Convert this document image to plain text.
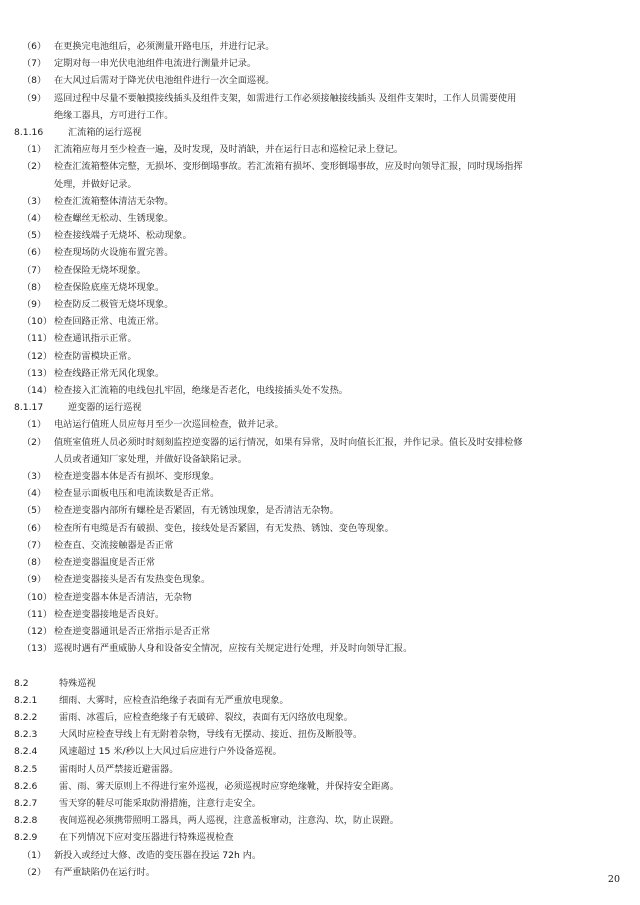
（6） 在更换完电池组后，必须测量开路电压，并进行记录。
（7） 定期对每一串光伏电池组件电流进行测量并记录。
（8） 在大风过后需对于降光伏电池组件进行一次全面巡视。
（9） 巡回过程中尽量不要触摸接线插头及组件支架，如需进行工作必须接触接线插头 及组件支架时，工作人员需要使用
绝缘工器具，方可进行工作。
8.1.16	汇流箱的运行巡视
（1） 汇流箱应每月至少检查一遍，及时发现，及时消缺，并在运行日志和巡检记录上登记。
（2） 检查汇流箱整体完整，无损坏、变形倒塌事故。若汇流箱有损坏、变形倒塌事故，应及时向领导汇报，同时现场指挥
处理，并做好记录。
（3） 检查汇流箱整体清洁无杂物。
（4） 检查螺丝无松动、生锈现象。
（5） 检查接线端子无烧坏、松动现象。
（6） 检查现场防火设施布置完善。
（7） 检查保险无烧坏现象。
（8） 检查保险底座无烧坏现象。
（9） 检查防反二极管无烧坏现象。
（10） 检查回路正常、电流正常。
（11） 检查通讯指示正常。
（12） 检查防雷模块正常。
（13） 检查线路正常无风化现象。
（14） 检查接入汇流箱的电线包扎牢固，绝缘是否老化，电线接插头处不发热。
8.1.17	逆变器的运行巡视
（1） 电站运行值班人员应每月至少一次巡回检查，做并记录。
（2） 值班室值班人员必须时时刻刻监控逆变器的运行情况，如果有异常，及时向值长汇报，并作记录。值长及时安排检修
人员或者通知厂家处理，并做好设备缺陷记录。
（3） 检查逆变器本体是否有损坏、变形现象。
（4） 检查显示面板电压和电流读数是否正常。
（5） 检查逆变器内部所有螺栓是否紧固，有无锈蚀现象，是否清洁无杂物。
（6） 检查所有电缆是否有破损、变色，接线处是否紧固，有无发热、锈蚀、变色等现象。
（7） 检查直、交流接触器是否正常
（8） 检查逆变器温度是否正常
（9） 检查逆变器接头是否有发热变色现象。
（10） 检查逆变器本体是否清洁，无杂物
（11） 检查逆变器接地是否良好。
（12） 检查逆变器通讯是否正常指示是否正常
（13） 巡视时遇有严重威胁人身和设备安全情况，应按有关规定进行处理，并及时向领导汇报。
8.2	特殊巡视
8.2.1	细雨、大雾时，应检查沿绝缘子表面有无严重放电现象。
8.2.2	雷雨、冰雹后，应检查绝缘子有无破碎、裂纹，表面有无闪络放电现象。
8.2.3	大风时应检查导线上有无附着杂物，导线有无摆动、接近、扭伤及断股等。
8.2.4	风速超过 15 米/秒以上大风过后应进行户外设备巡视。
8.2.5	雷雨时人员严禁接近避雷器。
8.2.6	雷、雨、雾天原则上不得进行室外巡视，必须巡视时应穿绝缘靴，并保持安全距离。
8.2.7	雪天穿的鞋尽可能采取防滑措施，注意行走安全。
8.2.8	夜间巡视必须携带照明工器具，两人巡视，注意盖板窜动，注意沟、坎，防止误蹬。
8.2.9	在下列情况下应对变压器进行特殊巡视检查
（1） 新投入或经过大修、改造的变压器在投运 72h 内。
（2） 有严重缺陷仍在运行时。
20
